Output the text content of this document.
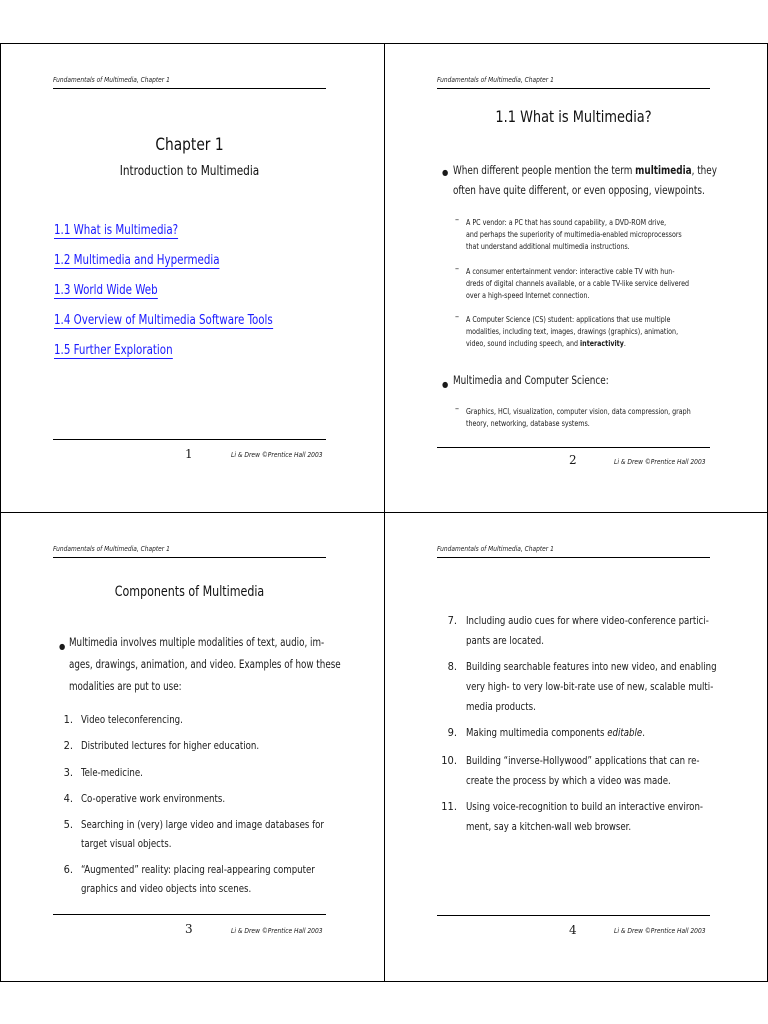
Fundamentals of Multimedia, Chapter 1
Chapter 1
Introduction to Multimedia
1.1 What is Multimedia?
1.2 Multimedia and Hypermedia
1.3 World Wide Web
1.4 Overview of Multimedia Software Tools
1.5 Further Exploration
1	Li & Drew ©Prentice Hall 2003
Fundamentals of Multimedia, Chapter 1
1.1 What is Multimedia?
● When different people mention the term multimedia, they
often have quite different, or even opposing, viewpoints.
– A PC vendor: a PC that has sound capability, a DVD-ROM drive,
and perhaps the superiority of multimedia-enabled microprocessors
that understand additional multimedia instructions.
– A consumer entertainment vendor: interactive cable TV with hun-
dreds of digital channels available, or a cable TV-like service delivered
over a high-speed Internet connection.
– A Computer Science (CS) student: applications that use multiple
modalities, including text, images, drawings (graphics), animation,
video, sound including speech, and interactivity.
● Multimedia and Computer Science:
– Graphics, HCI, visualization, computer vision, data compression, graph
theory, networking, database systems.
2	Li & Drew ©Prentice Hall 2003
Fundamentals of Multimedia, Chapter 1
Components of Multimedia
● Multimedia involves multiple modalities of text, audio, im-
ages, drawings, animation, and video. Examples of how these
modalities are put to use:
1. Video teleconferencing.
2. Distributed lectures for higher education.
3. Tele-medicine.
4. Co-operative work environments.
5. Searching in (very) large video and image databases for
target visual objects.
6. “Augmented” reality: placing real-appearing computer
graphics and video objects into scenes.
3	Li & Drew ©Prentice Hall 2003
Fundamentals of Multimedia, Chapter 1
7. Including audio cues for where video-conference partici-
pants are located.
8. Building searchable features into new video, and enabling
very high- to very low-bit-rate use of new, scalable multi-
media products.
9. Making multimedia components editable.
10. Building “inverse-Hollywood” applications that can re-
create the process by which a video was made.
11. Using voice-recognition to build an interactive environ-
ment, say a kitchen-wall web browser.
4	Li & Drew ©Prentice Hall 2003
